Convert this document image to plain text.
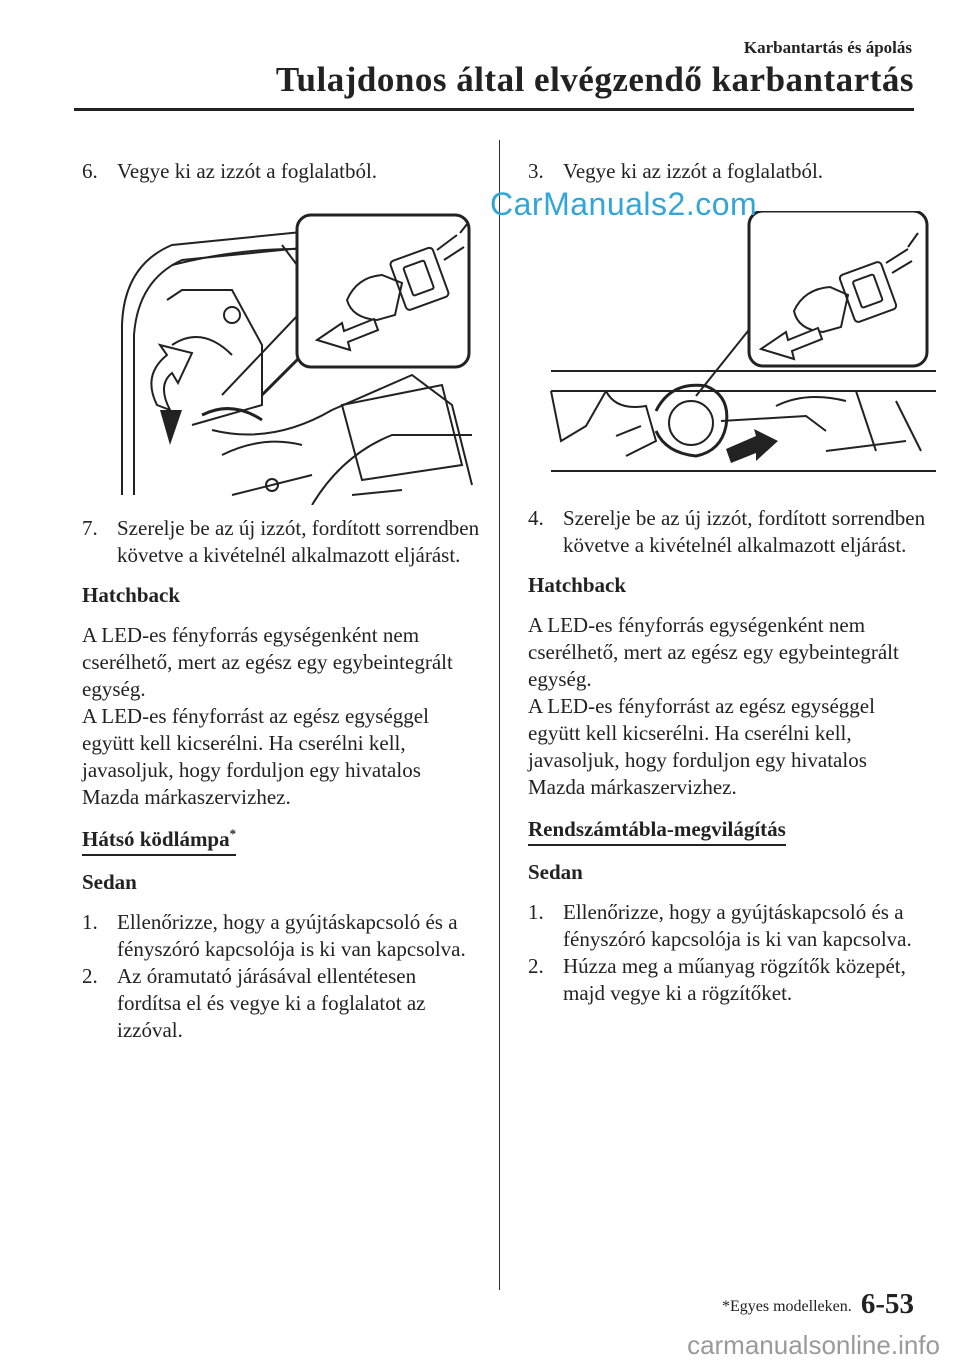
Karbantartás és ápolás
Tulajdonos által elvégzendő karbantartás
6. Vegye ki az izzót a foglalatból.
7. Szerelje be az új izzót, fordított sorrendben követve a kivételnél alkalmazott eljárást.

Hatchback

A LED-es fényforrás egységenként nem cserélhető, mert az egész egy egybeintegrált egység.

A LED-es fényforrást az egész egységgel együtt kell kicserélni. Ha cserélni kell, javasoljuk, hogy forduljon egy hivatalos Mazda márkaszervizhez.

Hátsó ködlámpa*

Sedan

1. Ellenőrizze, hogy a gyújtáskapcsoló és a fényszóró kapcsolója is ki van kapcsolva.
2. Az óramutató járásával ellentétesen fordítsa el és vegye ki a foglalatot az izzóval.
3. Vegye ki az izzót a foglalatból.
4. Szerelje be az új izzót, fordított sorrendben követve a kivételnél alkalmazott eljárást.

Hatchback

A LED-es fényforrás egységenként nem cserélhető, mert az egész egy egybeintegrált egység.

A LED-es fényforrást az egész egységgel együtt kell kicserélni. Ha cserélni kell, javasoljuk, hogy forduljon egy hivatalos Mazda márkaszervizhez.

Rendszámtábla-megvilágítás

Sedan

1. Ellenőrizze, hogy a gyújtáskapcsoló és a fényszóró kapcsolója is ki van kapcsolva.
2. Húzza meg a műanyag rögzítők közepét, majd vegye ki a rögzítőket.
CarManuals2.com
*Egyes modelleken. 6-53
carmanualsonline.info
